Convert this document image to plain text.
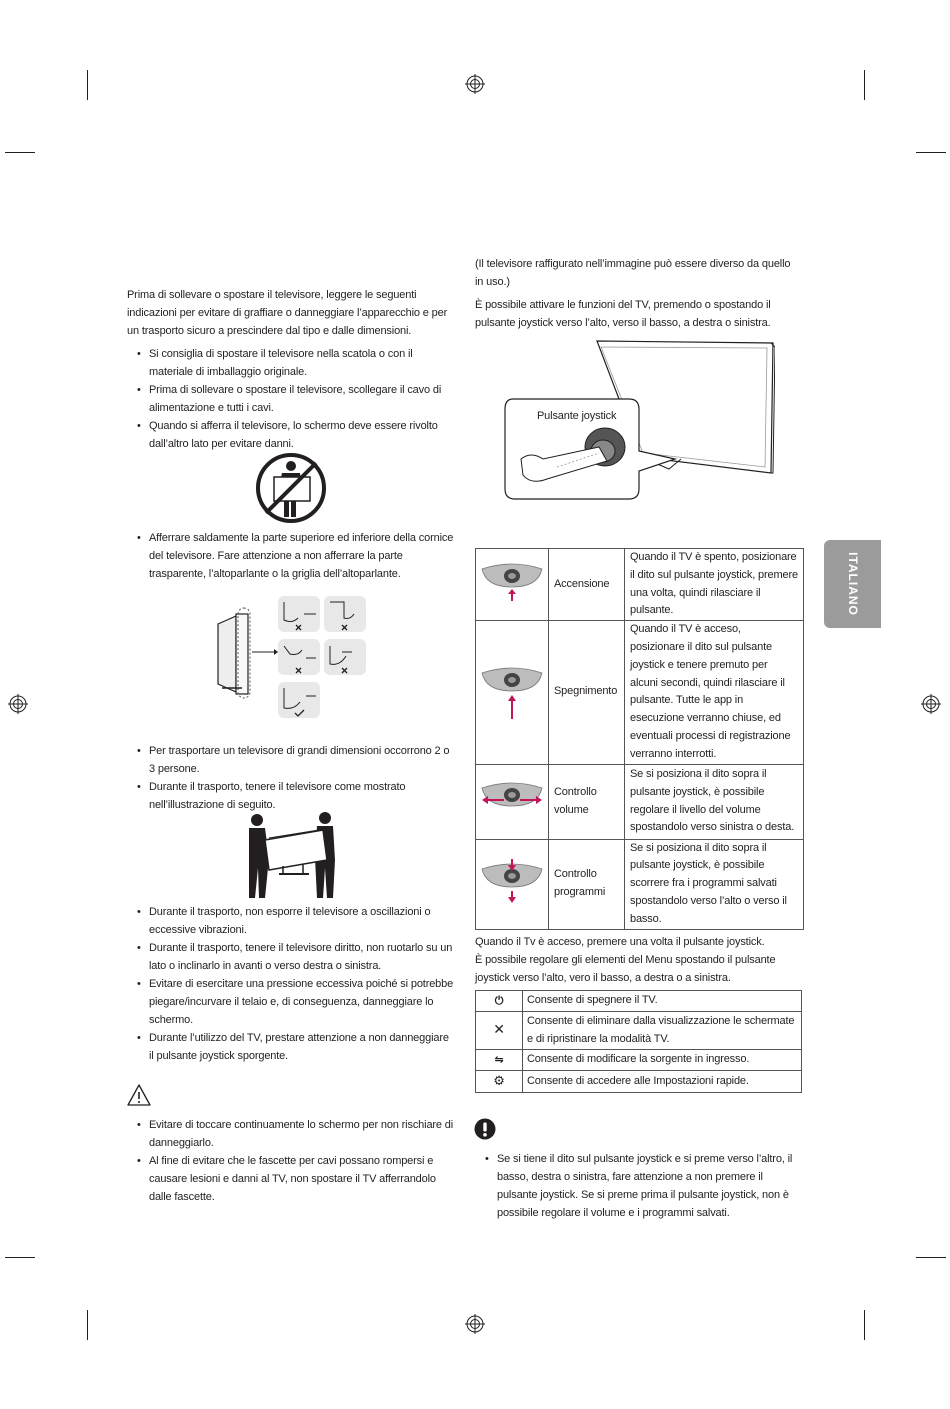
ITALIANO

Prima di sollevare o spostare il televisore, leggere le seguenti indicazioni per evitare di graffiare o danneggiare l’apparecchio e per un trasporto sicuro a prescindere dal tipo e dalle dimensioni.

• Si consiglia di spostare il televisore nella scatola o con il materiale di imballaggio originale.
• Prima di sollevare o spostare il televisore, scollegare il cavo di alimentazione e tutti i cavi.
• Quando si afferra il televisore, lo schermo deve essere rivolto dall’altro lato per evitare danni.
• Afferrare saldamente la parte superiore ed inferiore della cornice del televisore. Fare attenzione a non afferrare la parte trasparente, l’altoparlante o la griglia dell’altoparlante.
• Per trasportare un televisore di grandi dimensioni occorrono 2 o 3 persone.
• Durante il trasporto, tenere il televisore come mostrato nell’illustrazione di seguito.
• Durante il trasporto, non esporre il televisore a oscillazioni o eccessive vibrazioni.
• Durante il trasporto, tenere il televisore diritto, non ruotarlo su un lato o inclinarlo in avanti o verso destra o sinistra.
• Evitare di esercitare una pressione eccessiva poiché si potrebbe piegare/incurvare il telaio e, di conseguenza, danneggiare lo schermo.
• Durante l’utilizzo del TV, prestare attenzione a non danneggiare il pulsante joystick sporgente.
• Evitare di toccare continuamente lo schermo per non rischiare di danneggiarlo.
• Al fine di evitare che le fascette per cavi possano rompersi e causare lesioni e danni al TV, non spostare il TV afferrandolo dalle fascette.

(Il televisore raffigurato nell’immagine può essere diverso da quello in uso.)

È possibile attivare le funzioni del TV, premendo o spostando il pulsante joystick verso l’alto, verso il basso, a destra o sinistra.

Pulsante joystick
	Accensione	Quando il TV è spento, posizionare il dito sul pulsante joystick, premere una volta, quindi rilasciare il pulsante.
	Spegnimento	Quando il TV è acceso, posizionare il dito sul pulsante joystick e tenere premuto per alcuni secondi, quindi rilasciare il pulsante. Tutte le app in esecuzione verranno chiuse, ed eventuali processi di registrazione verranno interrotti.
	Controllo volume	Se si posiziona il dito sopra il pulsante joystick, è possibile regolare il livello del volume spostandolo verso sinistra o desta.
	Controllo programmi	Se si posiziona il dito sopra il pulsante joystick, è possibile scorrere fra i programmi salvati spostandolo verso l’alto o verso il basso.

Quando il Tv è acceso, premere una volta il pulsante joystick.

È possibile regolare gli elementi del Menu spostando il pulsante joystick verso l’alto, vero il basso, a destra o a sinistra.

⏻	Consente di spegnere il TV.
✕	Consente di eliminare dalla visualizzazione le schermate e di ripristinare la modalità TV.
⇋	Consente di modificare la sorgente in ingresso.
⚙	Consente di accedere alle Impostazioni rapide.
• Se si tiene il dito sul pulsante joystick e si preme verso l’altro, il basso, destra o sinistra, fare attenzione a non premere il pulsante joystick. Se si preme prima il pulsante joystick, non è possibile regolare il volume e i programmi salvati.
